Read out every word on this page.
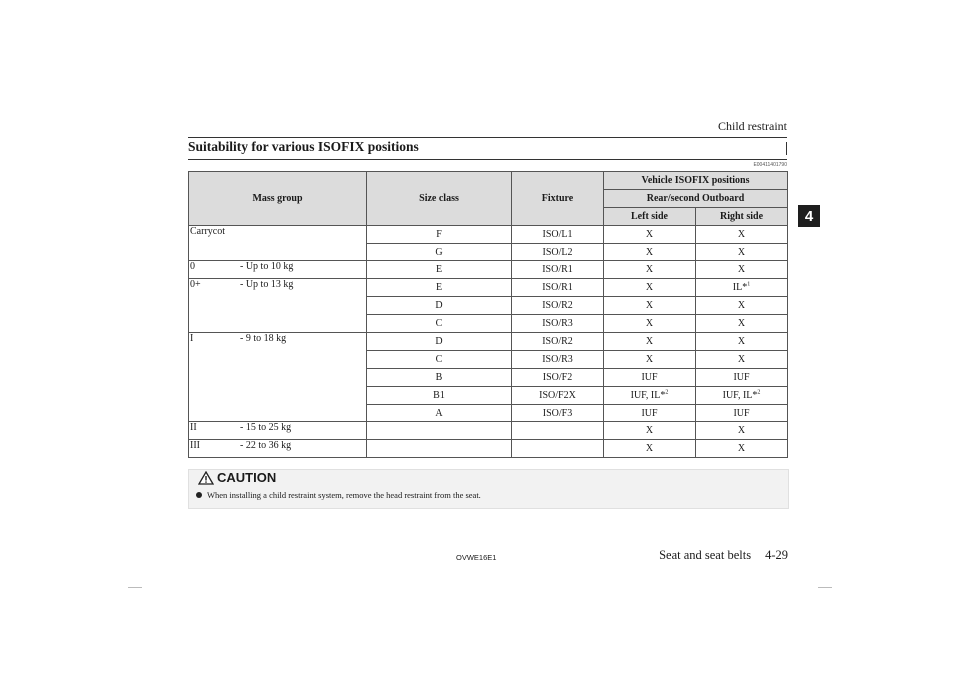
Child restraint
4
Suitability for various ISOFIX positions
E00411401790
Mass group	Size class	Fixture	Vehicle ISOFIX positions	
			Rear/second Outboard	
			Left side	Right side
Carrycot	F	ISO/L1	X	X
	G	ISO/L2	X	X
0 - Up to 10 kg	E	ISO/R1	X	X
0+ - Up to 13 kg	E	ISO/R1	X	IL*$^1$
	D	ISO/R2	X	X
	C	ISO/R3	X	X
I - 9 to 18 kg	D	ISO/R2	X	X
	C	ISO/R3	X	X
	B	ISO/F2	IUF	IUF
	B1	ISO/F2X	IUF, IL*$^2$	IUF, IL*$^2$
	A	ISO/F3	IUF	IUF
II - 15 to 25 kg			X	X
III - 22 to 36 kg			X	X
CAUTION
When installing a child restraint system, remove the head restraint from the seat.
OVWE16E1	Seat and seat belts 4-29
